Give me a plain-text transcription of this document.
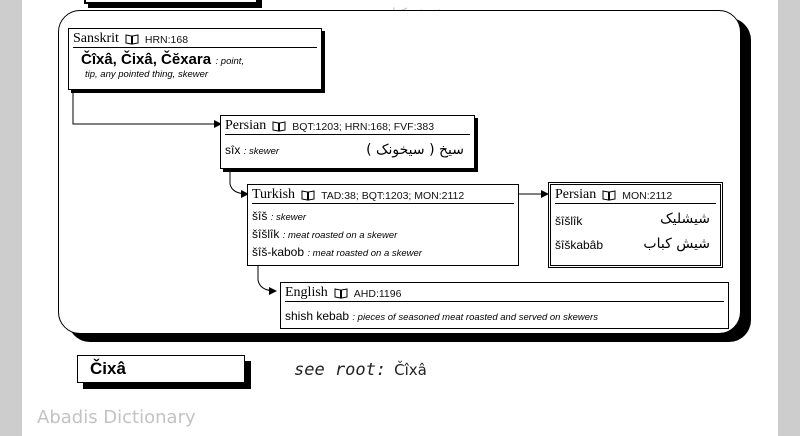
Sanskrit HRN:168
Čîxâ, Čixâ, Čĕxara : point,
tip, any pointed thing, skewer
Persian BQT:1203; HRN:168; FVF:383
sîx : skewer	سیخ ( سیخونک )
Turkish TAD:38; BQT:1203; MON:2112
šîš : skewer
šîšlîk : meat roasted on a skewer
šîš-kabob : meat roasted on a skewer
Persian MON:2112
šîšlîk	شیشلیک
šîškabâb	شیش کباب
English AHD:1196
shish kebab : pieces of seasoned meat roasted and served on skewers
Čixâ	see root: Čîxâ
Abadis Dictionary
